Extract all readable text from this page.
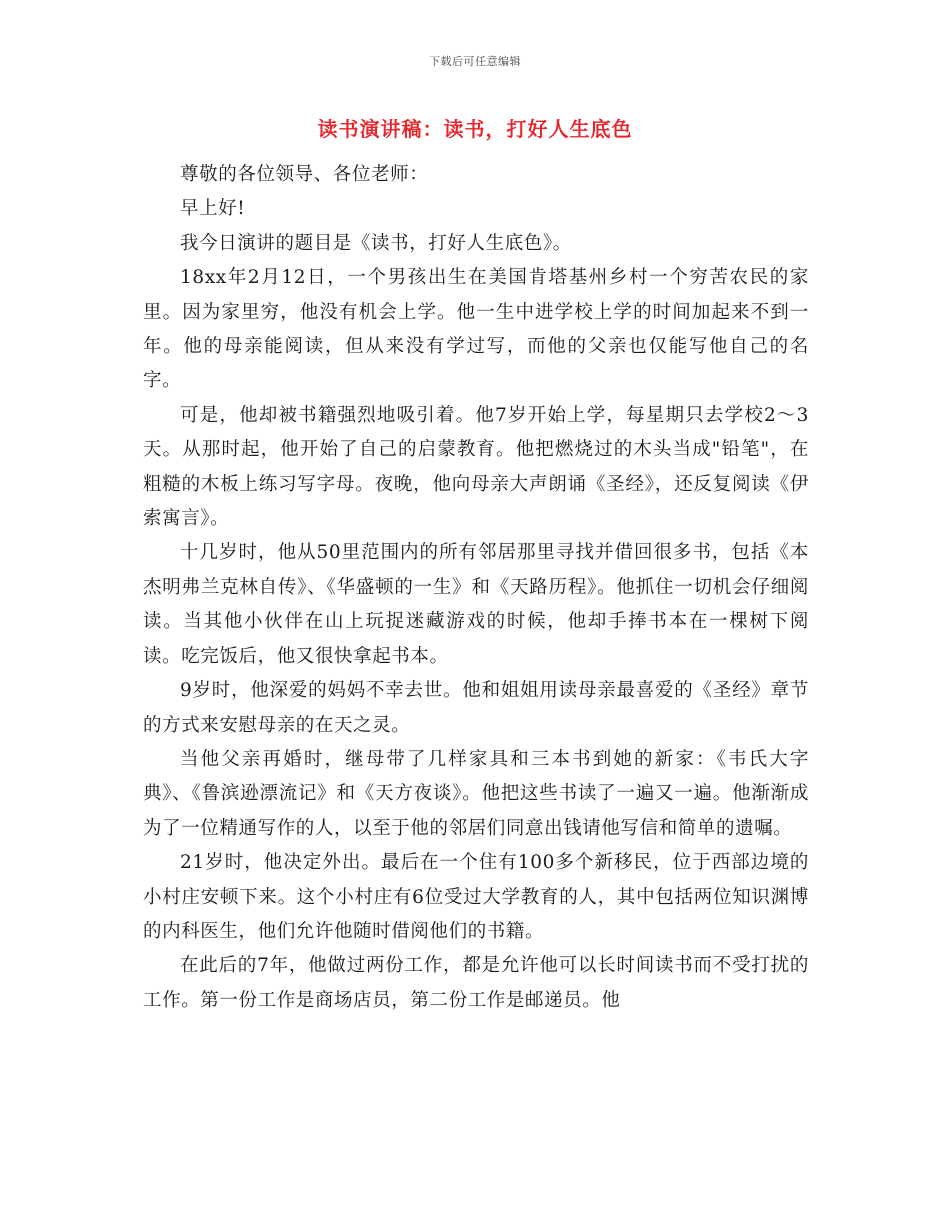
下载后可任意编辑
读书演讲稿：读书，打好人生底色

尊敬的各位领导、各位老师：

早上好!

我今日演讲的题目是《读书，打好人生底色》。

18xx年2月12日，一个男孩出生在美国肯塔基州乡村一个穷苦农民的家里。因为家里穷，他没有机会上学。他一生中进学校上学的时间加起来不到一年。他的母亲能阅读，但从来没有学过写，而他的父亲也仅能写他自己的名字。

可是，他却被书籍强烈地吸引着。他7岁开始上学，每星期只去学校2～3天。从那时起，他开始了自己的启蒙教育。他把燃烧过的木头当成"铅笔"，在粗糙的木板上练习写字母。夜晚，他向母亲大声朗诵《圣经》，还反复阅读《伊索寓言》。

十几岁时，他从50里范围内的所有邻居那里寻找并借回很多书，包括《本杰明弗兰克林自传》、《华盛顿的一生》和《天路历程》。他抓住一切机会仔细阅读。当其他小伙伴在山上玩捉迷藏游戏的时候，他却手捧书本在一棵树下阅读。吃完饭后，他又很快拿起书本。

9岁时，他深爱的妈妈不幸去世。他和姐姐用读母亲最喜爱的《圣经》章节的方式来安慰母亲的在天之灵。

当他父亲再婚时，继母带了几样家具和三本书到她的新家：《韦氏大字典》、《鲁滨逊漂流记》和《天方夜谈》。他把这些书读了一遍又一遍。他渐渐成为了一位精通写作的人，以至于他的邻居们同意出钱请他写信和简单的遗嘱。

21岁时，他决定外出。最后在一个住有100多个新移民，位于西部边境的小村庄安顿下来。这个小村庄有6位受过大学教育的人，其中包括两位知识渊博的内科医生，他们允许他随时借阅他们的书籍。

在此后的7年，他做过两份工作，都是允许他可以长时间读书而不受打扰的工作。第一份工作是商场店员，第二份工作是邮递员。他
